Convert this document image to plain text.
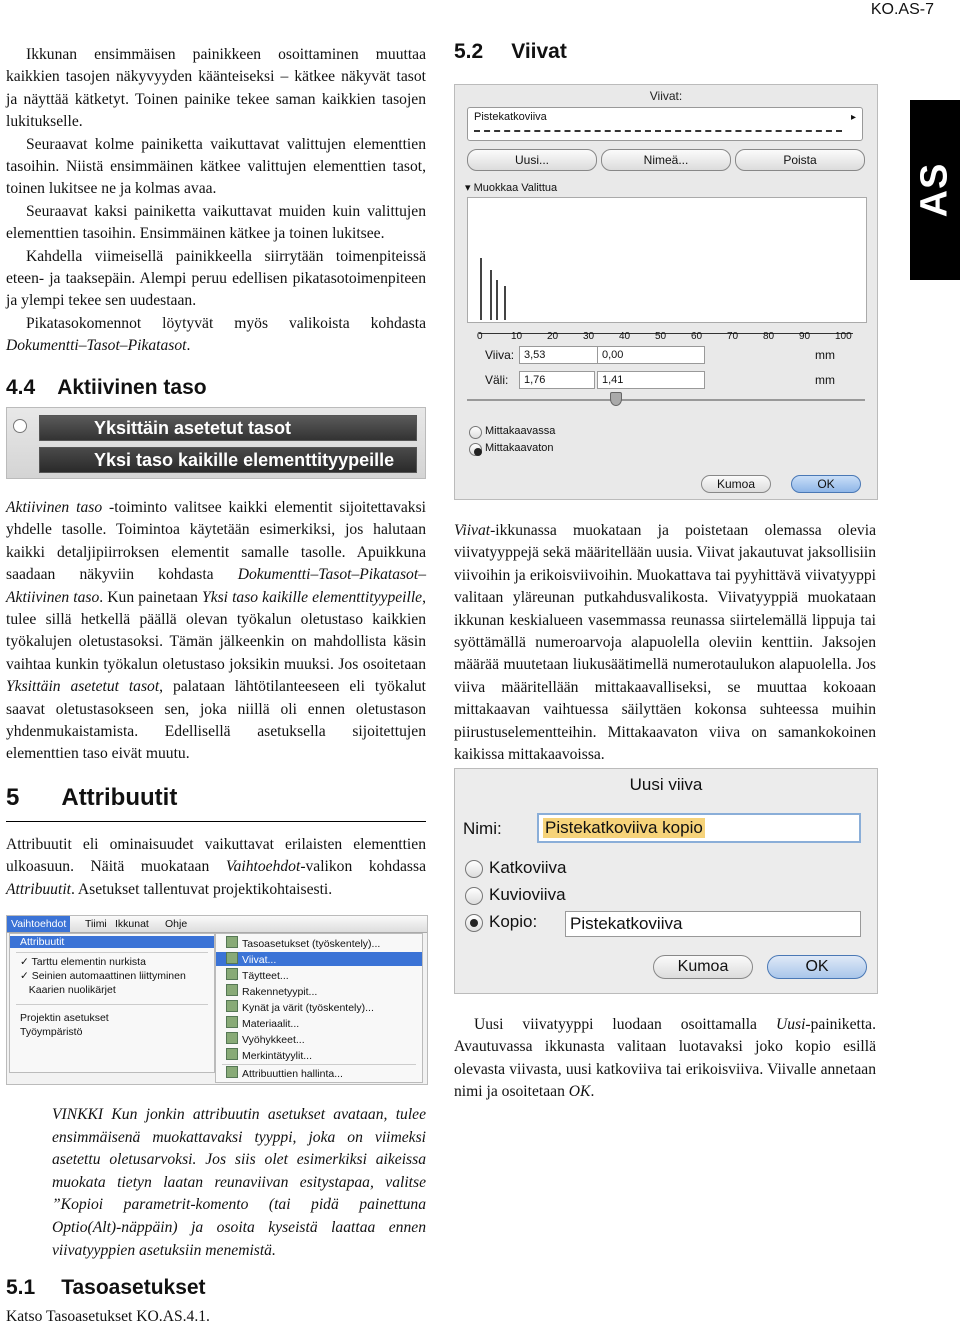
KO.AS-7
AS

Ikkunan ensimmäisen painikkeen osoittaminen muuttaa kaikkien tasojen näkyvyyden käänteiseksi – kätkee näkyvät tasot ja näyttää kätketyt. Toinen painike tekee saman kaikkien tasojen lukitukselle.

Seuraavat kolme painiketta vaikuttavat valittujen elementtien tasoihin. Niistä ensimmäinen kätkee valittujen elementtien tasot, toinen lukitsee ne ja kolmas avaa.

Seuraavat kaksi painiketta vaikuttavat muiden kuin valittujen elementtien tasoihin. Ensimmäinen kätkee ja toinen lukitsee.

Kahdella viimeisellä painikkeella siirrytään toimenpiteissä eteen- ja taaksepäin. Alempi peruu edellisen pikatasotoimenpiteen ja ylempi tekee sen uudestaan.

Pikatasokomennot löytyvät myös valikoista kohdasta Dokumentti–Tasot–Pikatasot.

4.4 Aktiivinen taso
Yksittäin asetetut tasot
Yksi taso kaikille elementtityypeille

Aktiivinen taso -toiminto valitsee kaikki elementit sijoitettavaksi yhdelle tasolle. Toimintoa käytetään esimerkiksi, jos halutaan kaikki detaljipiirroksen elementit samalle tasolle. Apuikkuna saadaan näkyviin kohdasta Dokumentti–Tasot–Pikatasot–Aktiivinen taso. Kun painetaan Yksi taso kaikille elementtityypeille, tulee sillä hetkellä päällä olevan työkalun oletustaso kaikkien työkalujen oletustasoksi. Tämän jälkeenkin on mahdollista käsin vaihtaa kunkin työkalun oletustaso joksikin muuksi. Jos osoitetaan Yksittäin asetetut tasot, palataan lähtötilanteeseen eli työkalut saavat oletustasokseen sen, joka niillä oli ennen oletustason yhdenmukaistamista. Edellisellä asetuksella sijoitettujen elementtien taso eivät muutu.

5 Attribuutit

Attribuutit eli ominaisuudet vaikuttavat erilaisten elementtien ulkoasuun. Näitä muokataan Vaihtoehdot-valikon kohdassa Attribuutit. Asetukset tallentuvat projektikohtaisesti.

Vaihtoehdot	Tiimi Ikkunat Ohje
Attribuutit
✓ Tarttu elementin nurkista
✓ Seinien automaattinen liittyminen
Kaarien nuolikärjet
Projektin asetukset
Työympäristö
Tasoasetukset (työskentely)...
Viivat...
Täytteet...
Rakennetyypit...
Kynät ja värit (työskentely)...
Materiaalit...
Vyöhykkeet...
Merkintätyylit...
Attribuuttien hallinta...

VINKKI Kun jonkin attribuutin asetukset avataan, tulee ensimmäisenä muokattavaksi tyyppi, joka on viimeksi asetettu oletusarvoksi. Jos siis olet esimerkiksi aikeissa muokata tietyn laatan reunaviivan esitystapaa, valitse ”Kopioi parametrit-komento (tai pidä painettuna Optio(Alt)-näppäin) ja osoita kyseistä laattaa ennen viivatyyppien asetuksiin menemistä.

5.1 Tasoasetukset

Katso Tasoasetukset KO.AS.4.1.

5.2 Viivat
Viivat:
Pistekatkoviiva	▸
Uusi...	Nimeä...	Poista
▾ Muokkaa Valittua
0	10 20 30 40 50 60 70 80 90 100
Viiva: 3,53	0,00	mm
Väli:	1,76	1,41	mm
Mittakaavassa
Mittakaavaton
Kumoa	OK

Viivat-ikkunassa muokataan ja poistetaan olemassa olevia viivatyyppejä sekä määritellään uusia. Viivat jakautuvat jaksollisiin viivoihin ja erikoisviivoihin. Muokattava tai pyyhittävä viivatyyppi valitaan yläreunan putkahdusvalikosta. Viivatyyppiä muokataan ikkunan keskialueen vasemmassa reunassa siirtelemällä lippuja tai syöttämällä numeroarvoja alapuolella oleviin kenttiin. Jaksojen määrää muutetaan liukusäätimellä numerotaulukon alapuolella. Jos viiva määritellään mittakaavalliseksi, se muuttaa kokoaan mittakaavan vaihtuessa säilyttäen kokonsa suhteessa muihin piirustuselementteihin. Mittakaavaton viiva on samankokoinen kaikissa mittakaavoissa.

Uusi viiva
Nimi:	Pistekatkoviiva kopio
Katkoviiva
Kuvioviiva
Kopio: Pistekatkoviiva
Kumoa	OK

Uusi viivatyyppi luodaan osoittamalla Uusi-painiketta. Avautuvassa ikkunasta valitaan luotavaksi joko kopio esillä olevasta viivasta, uusi katkoviiva tai erikoisviiva. Viivalle annetaan nimi ja osoitetaan OK.
